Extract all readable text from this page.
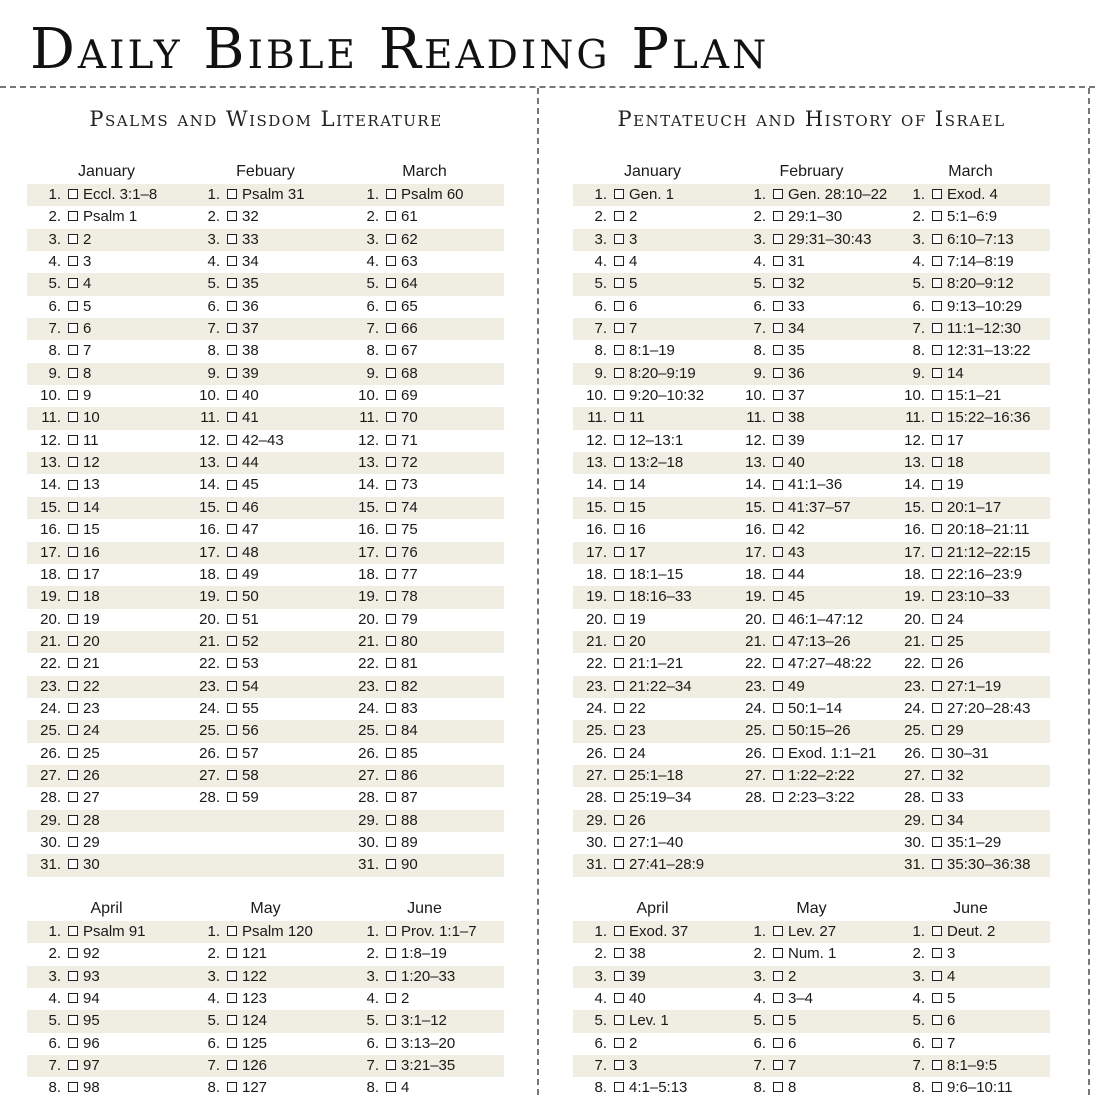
Daily Bible Reading Plan
Psalms and Wisdom Literature	Pentateuch and History of Israel
January
1. Eccl. 3:1–8
2. Psalm 1
3. 2
4. 3
5. 4
6. 5
7. 6
8. 7
9. 8
10. 9
11. 10
12. 11
13. 12
14. 13
15. 14
16. 15
17. 16
18. 17
19. 18
20. 19
21. 20
22. 21
23. 22
24. 23
25. 24
26. 25
27. 26
28. 27
29. 28
30. 29
31. 30
Febuary
1. Psalm 31
2. 32
3. 33
4. 34
5. 35
6. 36
7. 37
8. 38
9. 39
10. 40
11. 41
12. 42–43
13. 44
14. 45
15. 46
16. 47
17. 48
18. 49
19. 50
20. 51
21. 52
22. 53
23. 54
24. 55
25. 56
26. 57
27. 58
28. 59
March
1. Psalm 60
2. 61
3. 62
4. 63
5. 64
6. 65
7. 66
8. 67
9. 68
10. 69
11. 70
12. 71
13. 72
14. 73
15. 74
16. 75
17. 76
18. 77
19. 78
20. 79
21. 80
22. 81
23. 82
24. 83
25. 84
26. 85
27. 86
28. 87
29. 88
30. 89
31. 90
April
1. Psalm 91
2. 92
3. 93
4. 94
5. 95
6. 96
7. 97
8. 98
May
1. Psalm 120
2. 121
3. 122
4. 123
5. 124
6. 125
7. 126
8. 127
June
1. Prov. 1:1–7
2. 1:8–19
3. 1:20–33
4. 2
5. 3:1–12
6. 3:13–20
7. 3:21–35
8. 4
January
1. Gen. 1
2. 2
3. 3
4. 4
5. 5
6. 6
7. 7
8. 8:1–19
9. 8:20–9:19
10. 9:20–10:32
11. 11
12. 12–13:1
13. 13:2–18
14. 14
15. 15
16. 16
17. 17
18. 18:1–15
19. 18:16–33
20. 19
21. 20
22. 21:1–21
23. 21:22–34
24. 22
25. 23
26. 24
27. 25:1–18
28. 25:19–34
29. 26
30. 27:1–40
31. 27:41–28:9
February
1. Gen. 28:10–22
2. 29:1–30
3. 29:31–30:43
4. 31
5. 32
6. 33
7. 34
8. 35
9. 36
10. 37
11. 38
12. 39
13. 40
14. 41:1–36
15. 41:37–57
16. 42
17. 43
18. 44
19. 45
20. 46:1–47:12
21. 47:13–26
22. 47:27–48:22
23. 49
24. 50:1–14
25. 50:15–26
26. Exod. 1:1–21
27. 1:22–2:22
28. 2:23–3:22
March
1. Exod. 4
2. 5:1–6:9
3. 6:10–7:13
4. 7:14–8:19
5. 8:20–9:12
6. 9:13–10:29
7. 11:1–12:30
8. 12:31–13:22
9. 14
10. 15:1–21
11. 15:22–16:36
12. 17
13. 18
14. 19
15. 20:1–17
16. 20:18–21:11
17. 21:12–22:15
18. 22:16–23:9
19. 23:10–33
20. 24
21. 25
22. 26
23. 27:1–19
24. 27:20–28:43
25. 29
26. 30–31
27. 32
28. 33
29. 34
30. 35:1–29
31. 35:30–36:38
April
1. Exod. 37
2. 38
3. 39
4. 40
5. Lev. 1
6. 2
7. 3
8. 4:1–5:13
May
1. Lev. 27
2. Num. 1
3. 2
4. 3–4
5. 5
6. 6
7. 7
8. 8
June
1. Deut. 2
2. 3
3. 4
4. 5
5. 6
6. 7
7. 8:1–9:5
8. 9:6–10:11
